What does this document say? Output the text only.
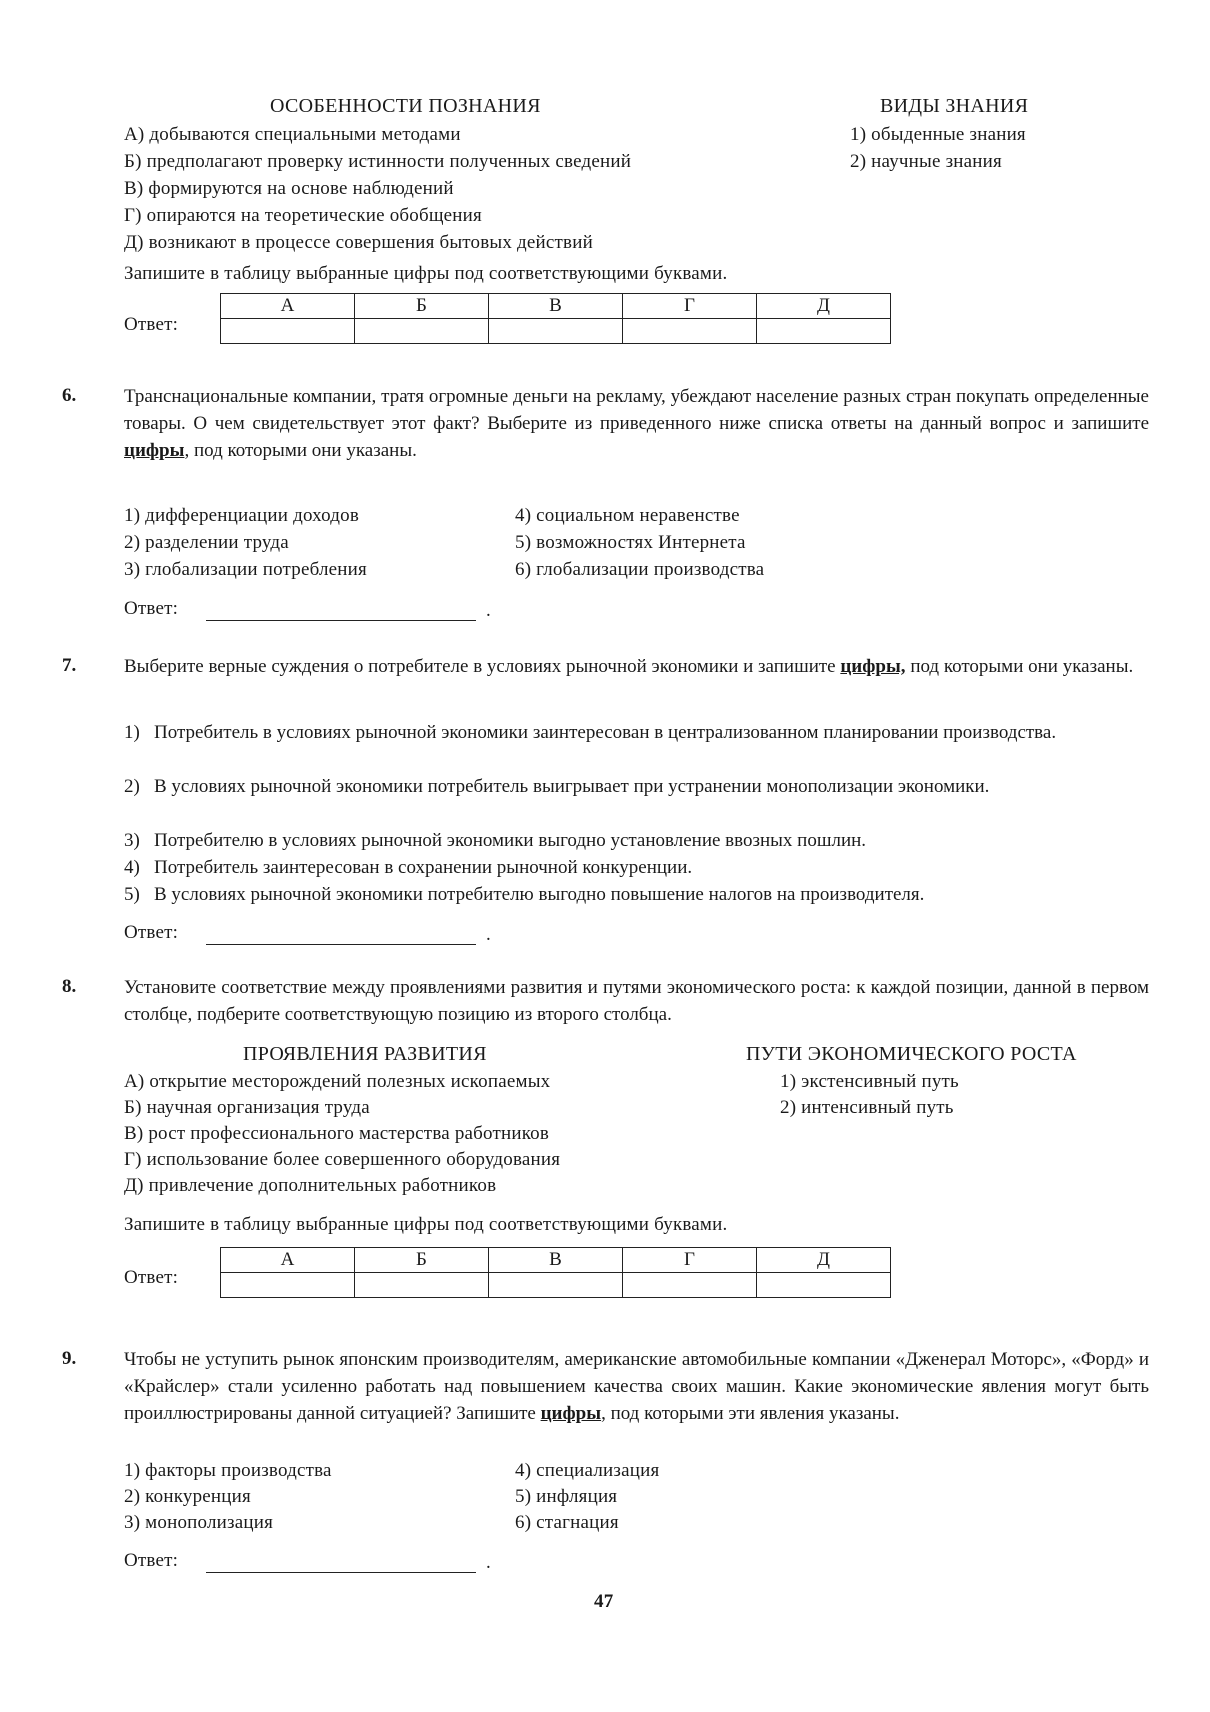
ОСОБЕННОСТИ ПОЗНАНИЯ	ВИДЫ ЗНАНИЯ
А) добываются специальными методами
Б) предполагают проверку истинности полученных сведений
В) формируются на основе наблюдений
Г) опираются на теоретические обобщения
Д) возникают в процессе совершения бытовых действий
1) обыденные знания
2) научные знания
Запишите в таблицу выбранные цифры под соответствующими буквами.
Ответ:
А	Б	В	Г	Д

6.	Транснациональные компании, тратя огромные деньги на рекламу, убеждают население разных стран покупать определенные товары. О чем свидетельствует этот факт? Выберите из приведенного ниже списка ответы на данный вопрос и запишите цифры, под которыми они указаны.
1) дифференциации доходов
2) разделении труда
3) глобализации потребления
4) социальном неравенстве
5) возможностях Интернета
6) глобализации производства
Ответ:	.
7.	Выберите верные суждения о потребителе в условиях рыночной экономики и запишите цифры, под которыми они указаны.
1) Потребитель в условиях рыночной экономики заинтересован в централизованном планировании производства.
2) В условиях рыночной экономики потребитель выигрывает при устранении монополизации экономики.
3) Потребителю в условиях рыночной экономики выгодно установление ввозных пошлин.
4) Потребитель заинтересован в сохранении рыночной конкуренции.
5) В условиях рыночной экономики потребителю выгодно повышение налогов на производителя.
Ответ:	.
8.	Установите соответствие между проявлениями развития и путями экономического роста: к каждой позиции, данной в первом столбце, подберите соответствующую позицию из второго столбца.
ПРОЯВЛЕНИЯ РАЗВИТИЯ	ПУТИ ЭКОНОМИЧЕСКОГО РОСТА
А) открытие месторождений полезных ископаемых
Б) научная организация труда
В) рост профессионального мастерства работников
Г) использование более совершенного оборудования
Д) привлечение дополнительных работников
1) экстенсивный путь
2) интенсивный путь
Запишите в таблицу выбранные цифры под соответствующими буквами.
Ответ:
А	Б	В	Г	Д

9.	Чтобы не уступить рынок японским производителям, американские автомобильные компании «Дженерал Моторс», «Форд» и «Крайслер» стали усиленно работать над повышением качества своих машин. Какие экономические явления могут быть проиллюстрированы данной ситуацией? Запишите цифры, под которыми эти явления указаны.
1) факторы производства
2) конкуренция
3) монополизация
4) специализация
5) инфляция
6) стагнация
Ответ:	.
47
